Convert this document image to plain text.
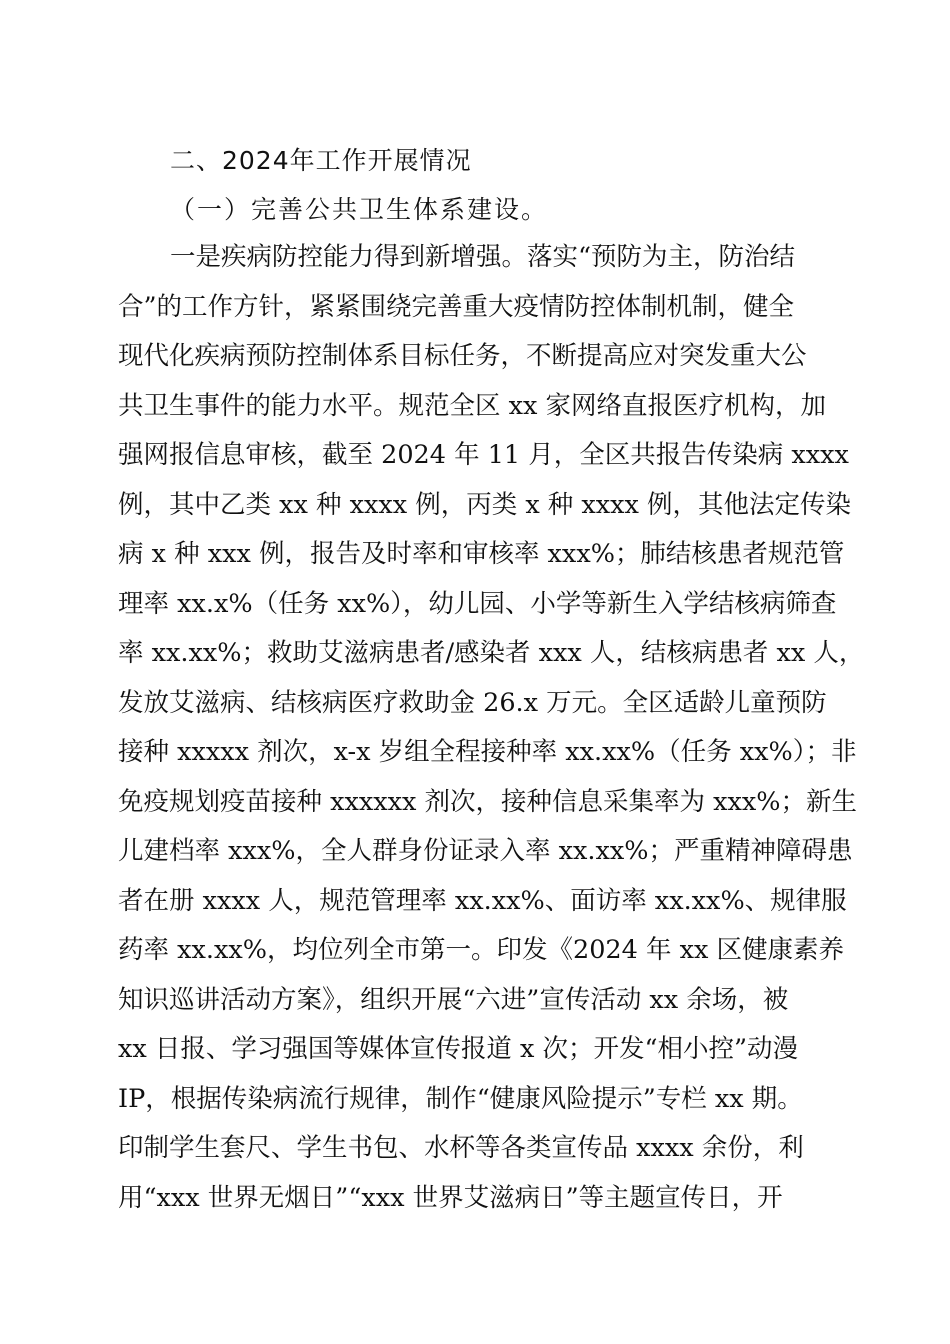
二、2024年工作开展情况
（一）完善公共卫生体系建设。
一是疾病防控能力得到新增强。落实“预防为主，防治结
合”的工作方针，紧紧围绕完善重大疫情防控体制机制，健全
现代化疾病预防控制体系目标任务，不断提高应对突发重大公
共卫生事件的能力水平。规范全区 xx 家网络直报医疗机构，加
强网报信息审核，截至 2024 年 11 月，全区共报告传染病 xxxx
例，其中乙类 xx 种 xxxx 例，丙类 x 种 xxxx 例，其他法定传染
病 x 种 xxx 例，报告及时率和审核率 xxx%；肺结核患者规范管
理率 xx.x%（任务 xx%），幼儿园、小学等新生入学结核病筛查
率 xx.xx%；救助艾滋病患者/感染者 xxx 人，结核病患者 xx 人，
发放艾滋病、结核病医疗救助金 26.x 万元。全区适龄儿童预防
接种 xxxxx 剂次，x-x 岁组全程接种率 xx.xx%（任务 xx%）；非
免疫规划疫苗接种 xxxxxx 剂次，接种信息采集率为 xxx%；新生
儿建档率 xxx%，全人群身份证录入率 xx.xx%；严重精神障碍患
者在册 xxxx 人，规范管理率 xx.xx%、面访率 xx.xx%、规律服
药率 xx.xx%，均位列全市第一。印发《2024 年 xx 区健康素养
知识巡讲活动方案》，组织开展“六进”宣传活动 xx 余场，被
xx 日报、学习强国等媒体宣传报道 x 次；开发“相小控”动漫
IP，根据传染病流行规律，制作“健康风险提示”专栏 xx 期。
印制学生套尺、学生书包、水杯等各类宣传品 xxxx 余份，利
用“xxx 世界无烟日”“xxx 世界艾滋病日”等主题宣传日，开
